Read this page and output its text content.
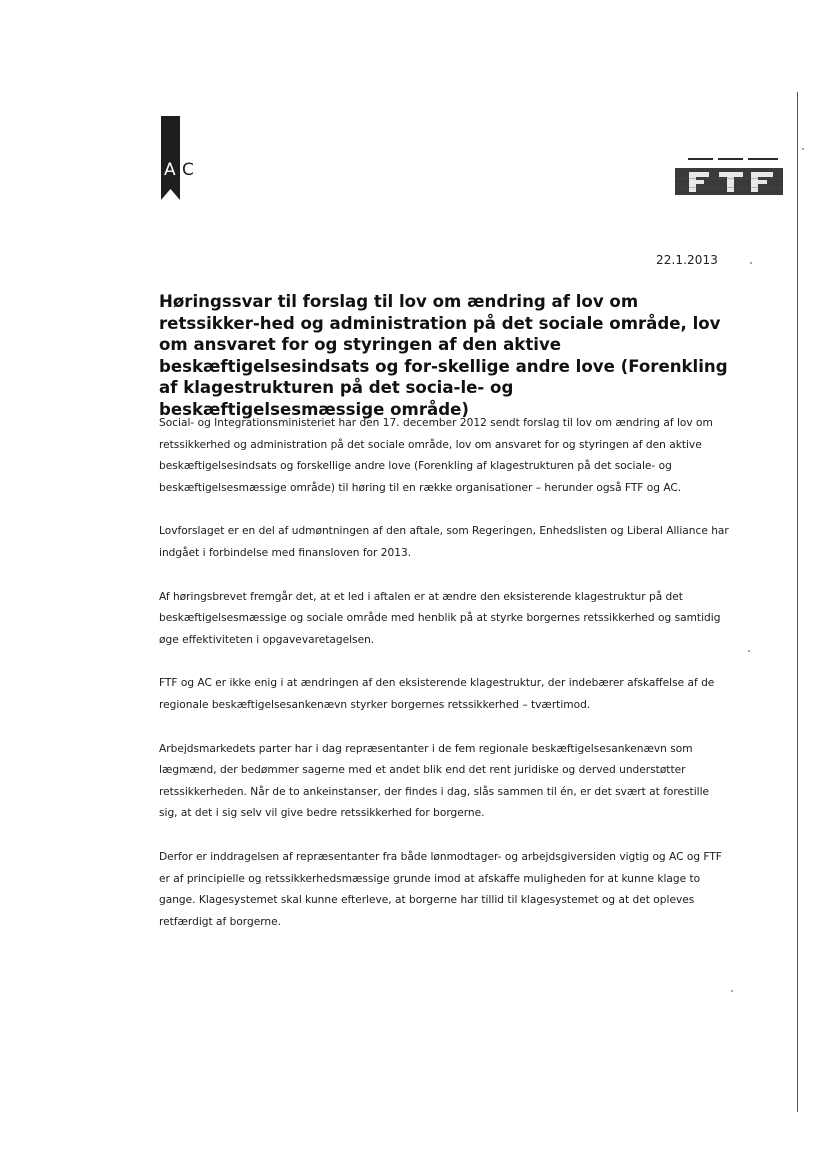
A C
22.1.2013
Høringssvar til forslag til lov om ændring af lov om retssikker-hed og administration på det sociale område, lov om ansvaret for og styringen af den aktive beskæftigelsesindsats og for-skellige andre love (Forenkling af klagestrukturen på det socia-le- og beskæftigelsesmæssige område)

Social- og Integrationsministeriet har den 17. december 2012 sendt forslag til lov om ændring af lov om retssikkerhed og administration på det sociale område, lov om ansvaret for og styringen af den aktive beskæftigelsesindsats og forskellige andre love (Forenkling af klagestrukturen på det sociale- og beskæftigelsesmæssige område) til høring til en række organisationer – herunder også FTF og AC.

Lovforslaget er en del af udmøntningen af den aftale, som Regeringen, Enhedslisten og Liberal Alliance har indgået i forbindelse med finansloven for 2013.

Af høringsbrevet fremgår det, at et led i aftalen er at ændre den eksisterende klagestruktur på det beskæftigelsesmæssige og sociale område med henblik på at styrke borgernes retssikkerhed og samtidig øge effektiviteten i opgavevaretagelsen.

FTF og AC er ikke enig i at ændringen af den eksisterende klagestruktur, der indebærer afskaffelse af de regionale beskæftigelsesankenævn styrker borgernes retssikkerhed – tværtimod.

Arbejdsmarkedets parter har i dag repræsentanter i de fem regionale beskæftigelsesankenævn som lægmænd, der bedømmer sagerne med et andet blik end det rent juridiske og derved understøtter retssikkerheden. Når de to ankeinstanser, der findes i dag, slås sammen til én, er det svært at forestille sig, at det i sig selv vil give bedre retssikkerhed for borgerne.

Derfor er inddragelsen af repræsentanter fra både lønmodtager- og arbejdsgiversiden vigtig og AC og FTF er af principielle og retssikkerhedsmæssige grunde imod at afskaffe muligheden for at kunne klage to gange. Klagesystemet skal kunne efterleve, at borgerne har tillid til klagesystemet og at det opleves retfærdigt af borgerne.
